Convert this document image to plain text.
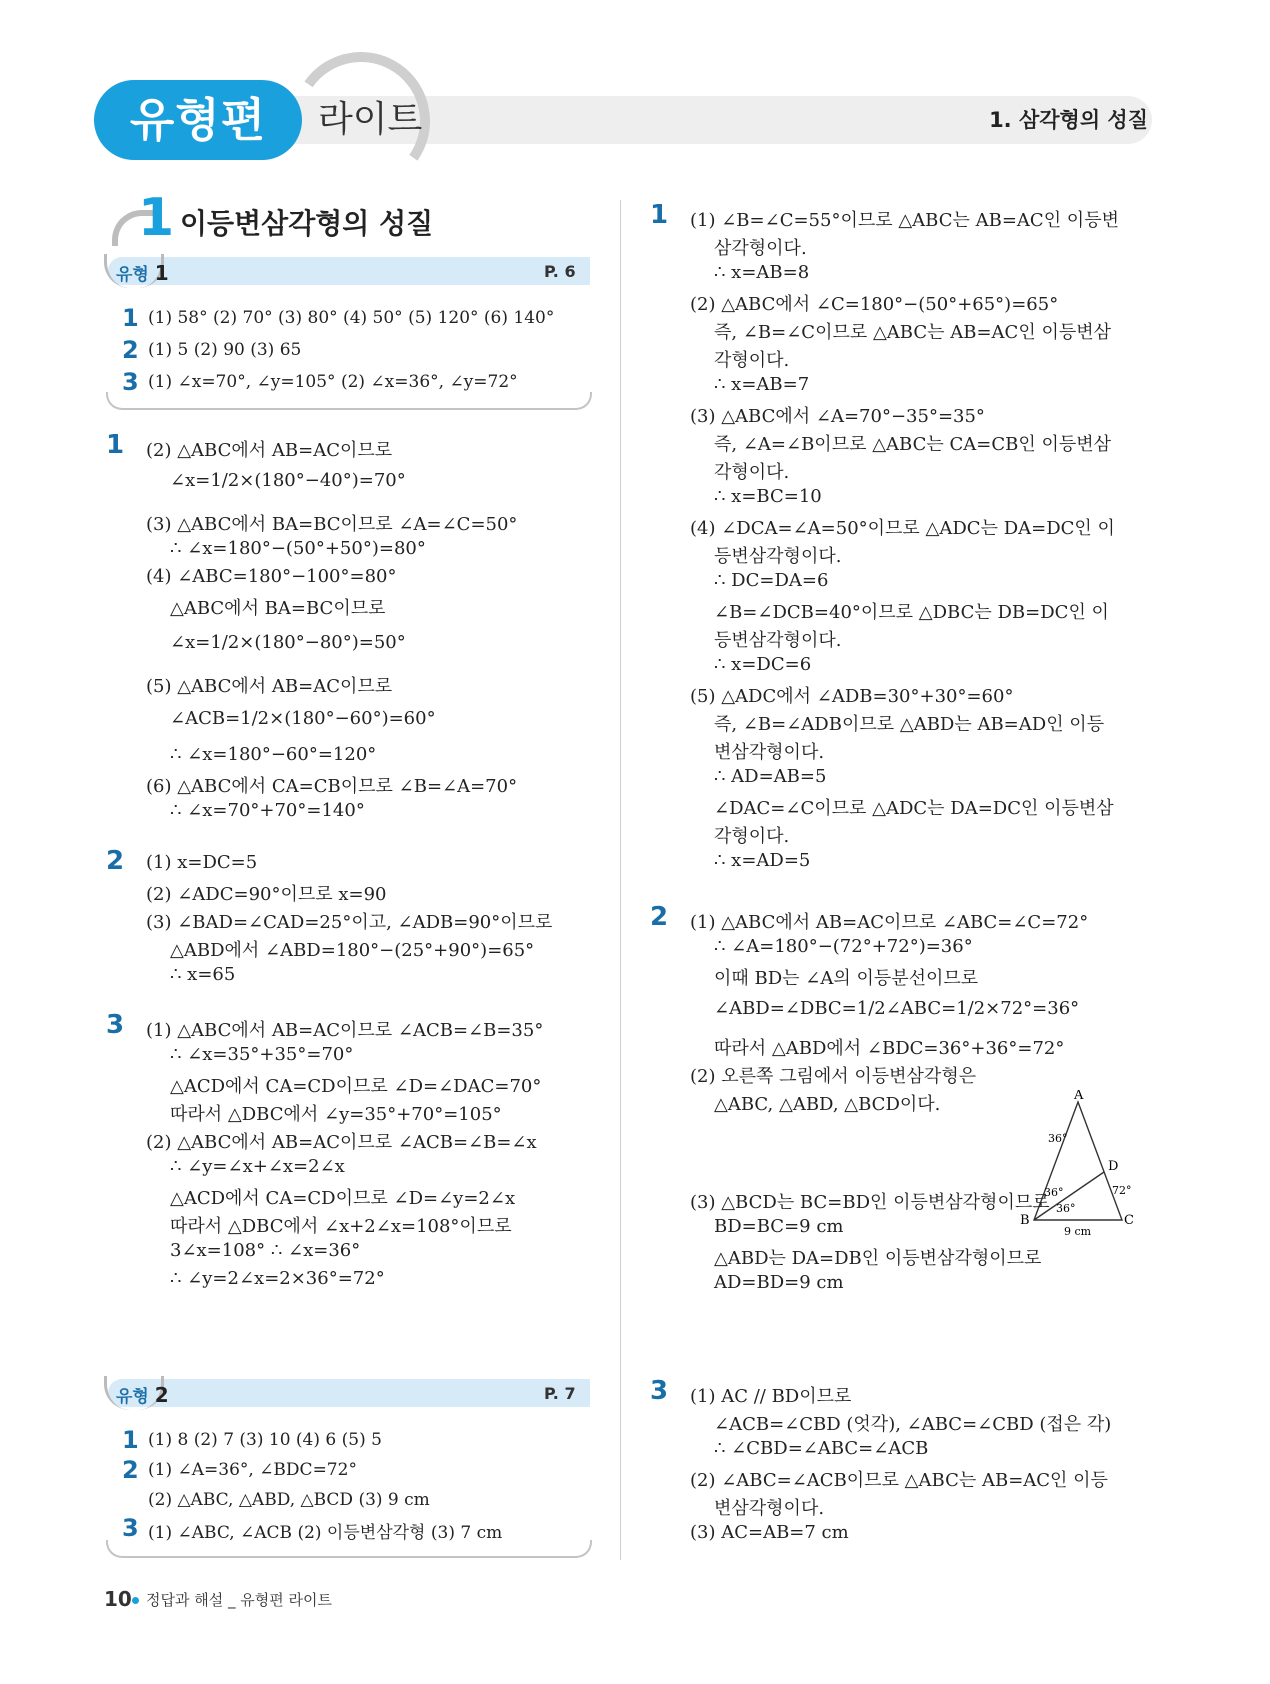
유형편	라이트	1. 삼각형의 성질
1 이등변삼각형의 성질
유형 1	P. 6
1 (1) 58° (2) 70° (3) 80° (4) 50° (5) 120° (6) 140°
2 (1) 5 (2) 90 (3) 65
3 (1) ∠x=70°, ∠y=105° (2) ∠x=36°, ∠y=72°
1 (2) △ABC에서 AB=AC이므로
∠x=1/2×(180°−40°)=70°
(3) △ABC에서 BA=BC이므로 ∠A=∠C=50°
∴ ∠x=180°−(50°+50°)=80°
(4) ∠ABC=180°−100°=80°
△ABC에서 BA=BC이므로
∠x=1/2×(180°−80°)=50°
(5) △ABC에서 AB=AC이므로
∠ACB=1/2×(180°−60°)=60°
∴ ∠x=180°−60°=120°
(6) △ABC에서 CA=CB이므로 ∠B=∠A=70°
∴ ∠x=70°+70°=140°
2 (1) x=DC=5
(2) ∠ADC=90°이므로 x=90
(3) ∠BAD=∠CAD=25°이고, ∠ADB=90°이므로
△ABD에서 ∠ABD=180°−(25°+90°)=65°
∴ x=65
3 (1) △ABC에서 AB=AC이므로 ∠ACB=∠B=35°
∴ ∠x=35°+35°=70°
△ACD에서 CA=CD이므로 ∠D=∠DAC=70°
따라서 △DBC에서 ∠y=35°+70°=105°
(2) △ABC에서 AB=AC이므로 ∠ACB=∠B=∠x
∴ ∠y=∠x+∠x=2∠x
△ACD에서 CA=CD이므로 ∠D=∠y=2∠x
따라서 △DBC에서 ∠x+2∠x=108°이므로
3∠x=108° ∴ ∠x=36°
∴ ∠y=2∠x=2×36°=72°
유형 2	P. 7
1 (1) 8 (2) 7 (3) 10 (4) 6 (5) 5
2 (1) ∠A=36°, ∠BDC=72°
(2) △ABC, △ABD, △BCD (3) 9 cm
3 (1) ∠ABC, ∠ACB (2) 이등변삼각형 (3) 7 cm
1 (1) ∠B=∠C=55°이므로 △ABC는 AB=AC인 이등변
삼각형이다.
∴ x=AB=8
(2) △ABC에서 ∠C=180°−(50°+65°)=65°
즉, ∠B=∠C이므로 △ABC는 AB=AC인 이등변삼
각형이다.
∴ x=AB=7
(3) △ABC에서 ∠A=70°−35°=35°
즉, ∠A=∠B이므로 △ABC는 CA=CB인 이등변삼
각형이다.
∴ x=BC=10
(4) ∠DCA=∠A=50°이므로 △ADC는 DA=DC인 이
등변삼각형이다.
∴ DC=DA=6
∠B=∠DCB=40°이므로 △DBC는 DB=DC인 이
등변삼각형이다.
∴ x=DC=6
(5) △ADC에서 ∠ADB=30°+30°=60°
즉, ∠B=∠ADB이므로 △ABD는 AB=AD인 이등
변삼각형이다.
∴ AD=AB=5
∠DAC=∠C이므로 △ADC는 DA=DC인 이등변삼
각형이다.
∴ x=AD=5
2 (1) △ABC에서 AB=AC이므로 ∠ABC=∠C=72°
∴ ∠A=180°−(72°+72°)=36°
이때 BD는 ∠A의 이등분선이므로
∠ABD=∠DBC=1/2∠ABC=1/2×72°=36°
따라서 △ABD에서 ∠BDC=36°+36°=72°
(2) 오른쪽 그림에서 이등변삼각형은
△ABC, △ABD, △BCD이다.	A
B	C
D
36°
36°
36°
72°
9 cm
(3) △BCD는 BC=BD인 이등변삼각형이므로
BD=BC=9 cm
△ABD는 DA=DB인 이등변삼각형이므로
AD=BD=9 cm
3 (1) AC // BD이므로
∠ACB=∠CBD (엇각), ∠ABC=∠CBD (접은 각)
∴ ∠CBD=∠ABC=∠ACB
(2) ∠ABC=∠ACB이므로 △ABC는 AB=AC인 이등
변삼각형이다.
(3) AC=AB=7 cm
10 정답과 해설 _ 유형편 라이트
